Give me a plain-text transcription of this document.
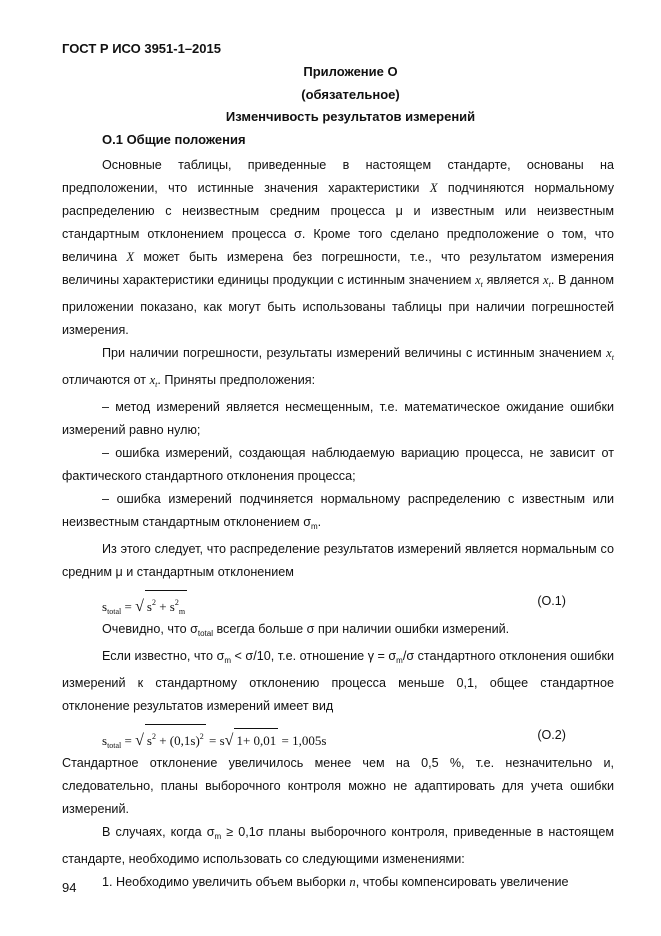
ГОСТ Р ИСО 3951-1–2015
Приложение О
(обязательное)
Изменчивость результатов измерений
О.1 Общие положения

Основные таблицы, приведенные в настоящем стандарте, основаны на предположении, что истинные значения характеристики X подчиняются нормальному распределению с неизвестным средним процесса μ и известным или неизвестным стандартным отклонением процесса σ. Кроме того сделано предположение о том, что величина X может быть измерена без погрешности, т.е., что результатом измерения величины характеристики единицы продукции с истинным значением $x_t$ является $x_t$. В данном приложении показано, как могут быть использованы таблицы при наличии погрешностей измерения.

При наличии погрешности, результаты измерений величины с истинным значением $x_t$ отличаются от $x_t$. Приняты предположения:

– метод измерений является несмещенным, т.е. математическое ожидание ошибки измерений равно нулю;

– ошибка измерений, создающая наблюдаемую вариацию процесса, не зависит от фактического стандартного отклонения процесса;

– ошибка измерений подчиняется нормальному распределению с известным или неизвестным стандартным отклонением $\sigma_m$.

Из этого следует, что распределение результатов измерений является нормальным со средним μ и стандартным отклонением

$s_{total}$ = √ $s^2 + s^2_m$
(О.1)

Очевидно, что $\sigma_{total}$ всегда больше σ при наличии ошибки измерений.

Если известно, что $\sigma_m < \sigma/10$, т.е. отношение $\gamma = \sigma_m/\sigma$ стандартного отклонения ошибки измерений к стандартному отклонению процесса меньше 0,1, общее стандартное отклонение результатов измерений имеет вид

$s_{total}$ = √ $s^2 + (0,1s)^2 = s√$ 1+ 0,01 = 1,005s	(О.2)

Стандартное отклонение увеличилось менее чем на 0,5 %, т.е. незначительно и, следовательно, планы выборочного контроля можно не адаптировать для учета ошибки измерений.

В случаях, когда $\sigma_m \ge 0,1\sigma$ планы выборочного контроля, приведенные в настоящем стандарте, необходимо использовать со следующими изменениями:

1. Необходимо увеличить объем выборки n, чтобы компенсировать увеличение

94
